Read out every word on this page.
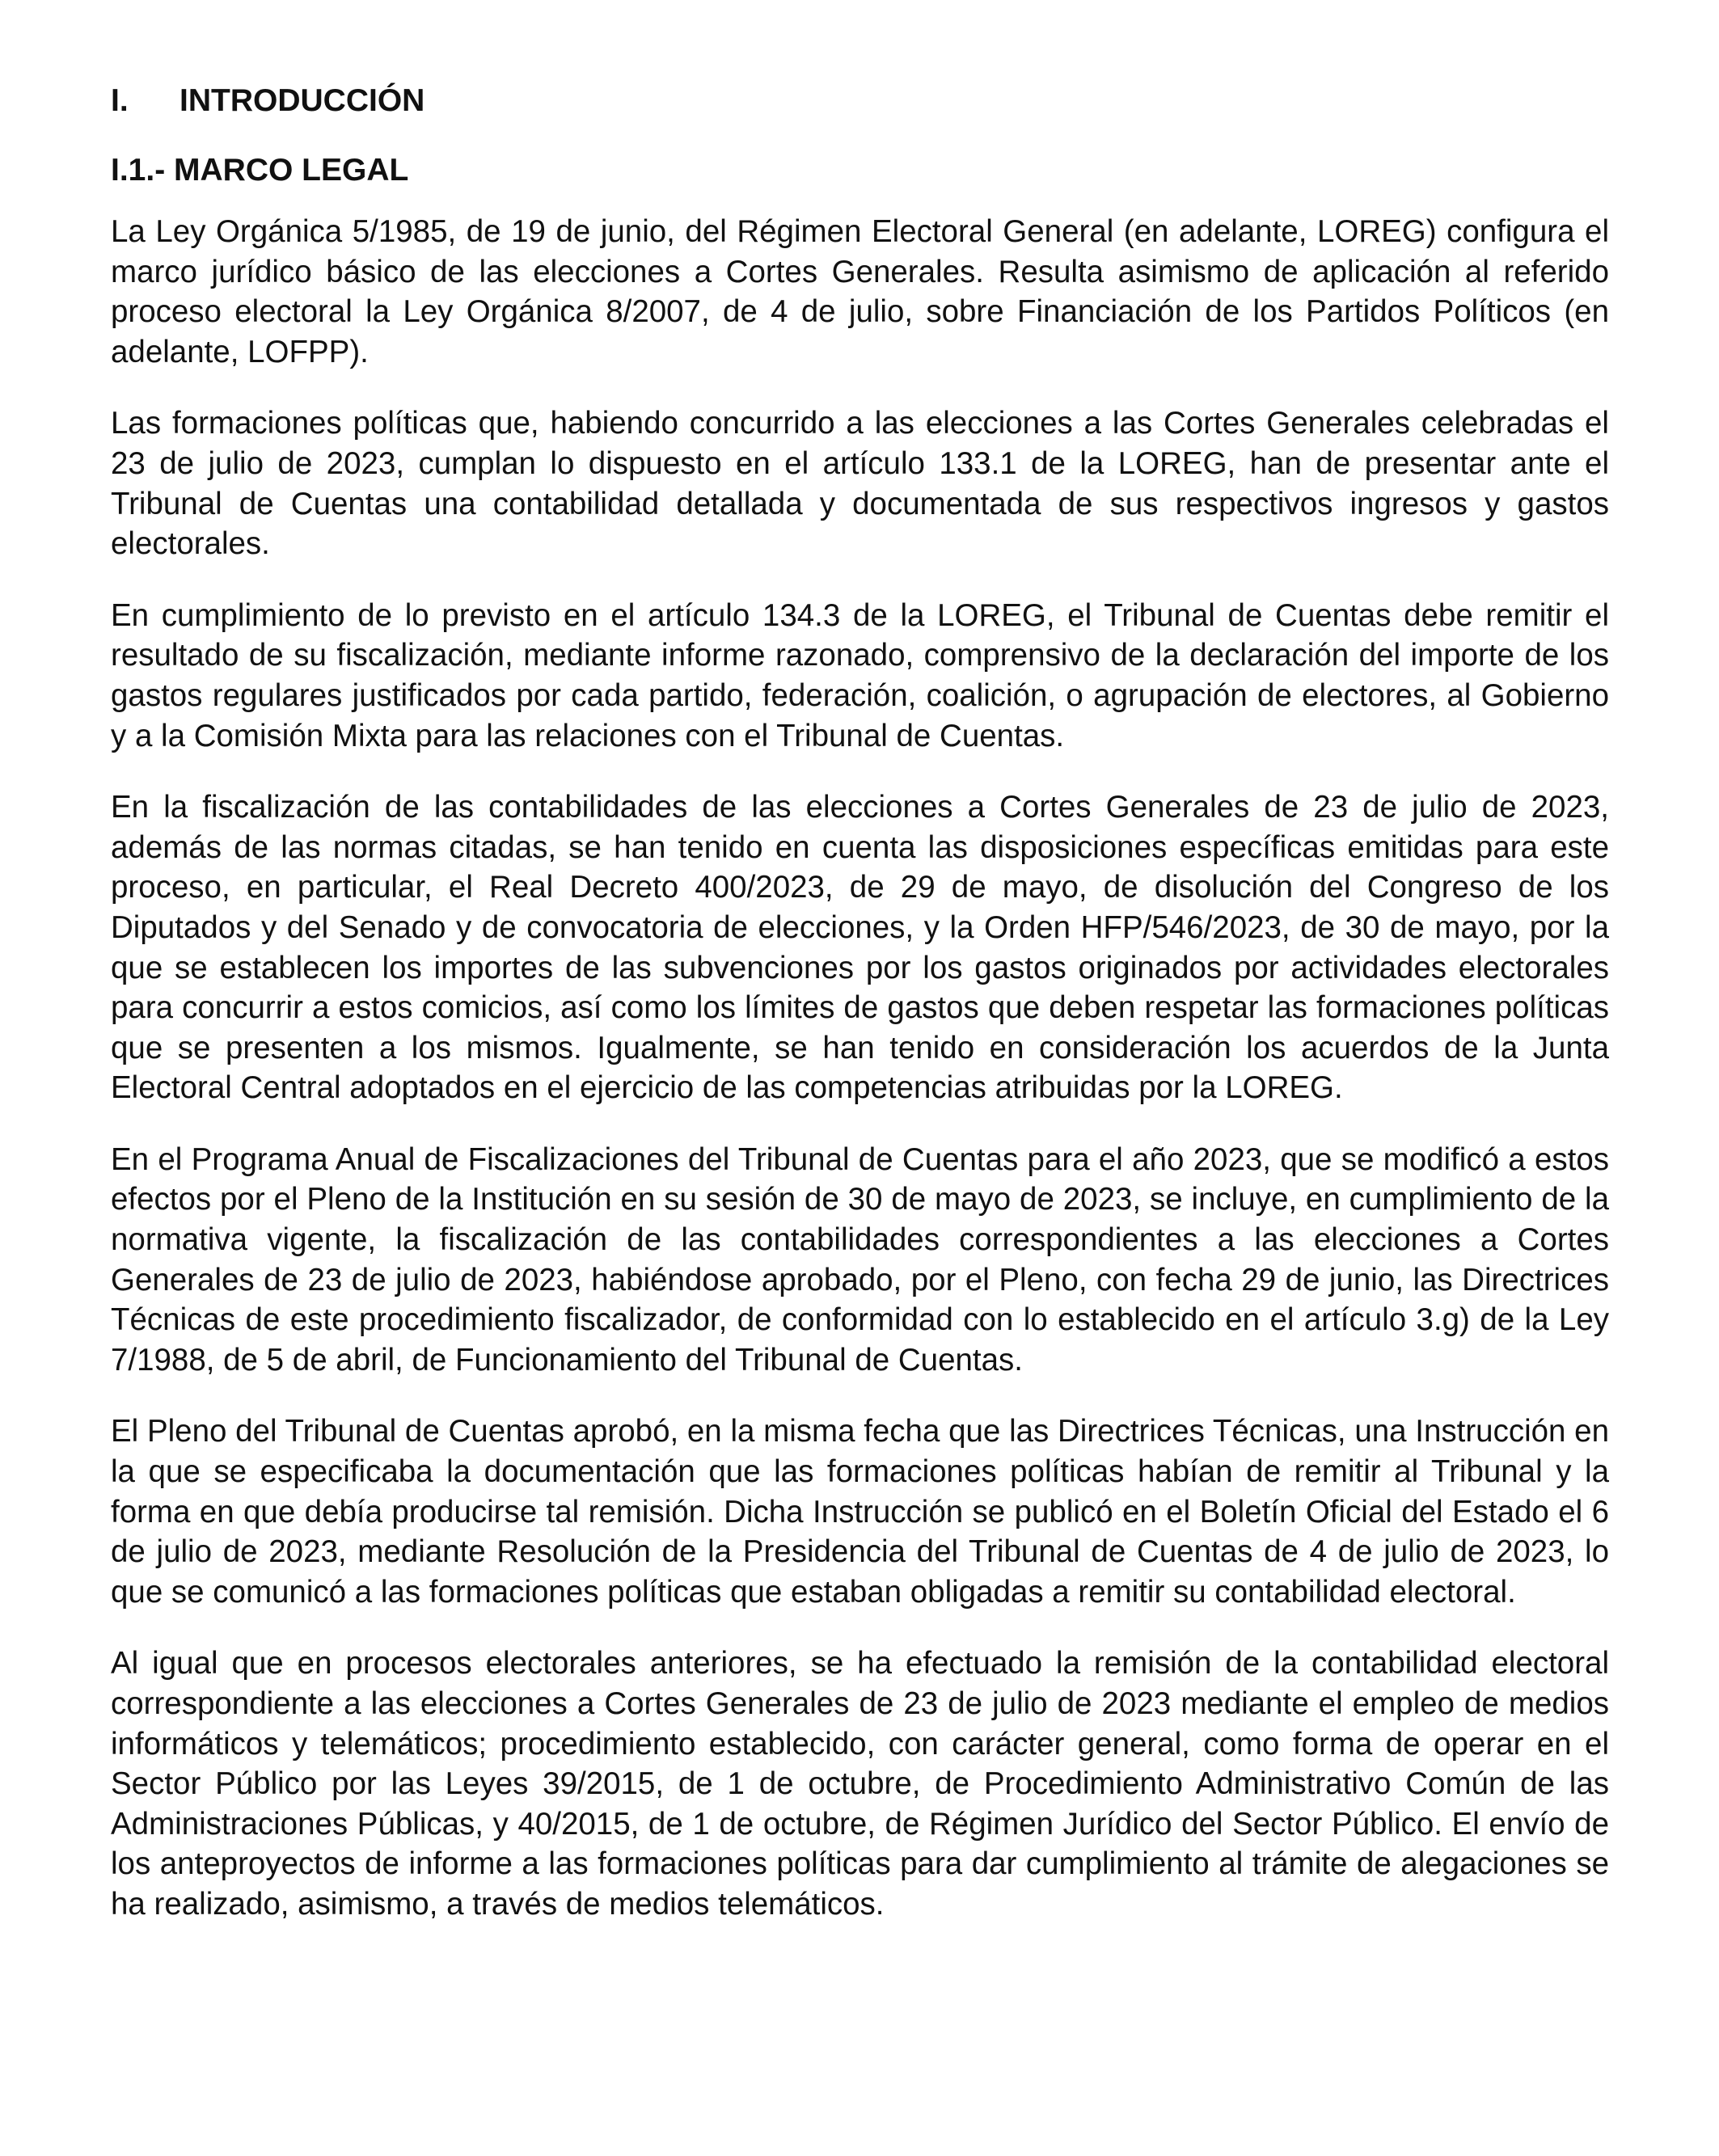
I.	INTRODUCCIÓN
I.1.- MARCO LEGAL

La Ley Orgánica 5/1985, de 19 de junio, del Régimen Electoral General (en adelante, LOREG) configura el marco jurídico básico de las elecciones a Cortes Generales. Resulta asimismo de aplicación al referido proceso electoral la Ley Orgánica 8/2007, de 4 de julio, sobre Financiación de los Partidos Políticos (en adelante, LOFPP).

Las formaciones políticas que, habiendo concurrido a las elecciones a las Cortes Generales celebradas el 23 de julio de 2023, cumplan lo dispuesto en el artículo 133.1 de la LOREG, han de presentar ante el Tribunal de Cuentas una contabilidad detallada y documentada de sus respectivos ingresos y gastos electorales.

En cumplimiento de lo previsto en el artículo 134.3 de la LOREG, el Tribunal de Cuentas debe remitir el resultado de su fiscalización, mediante informe razonado, comprensivo de la declaración del importe de los gastos regulares justificados por cada partido, federación, coalición, o agrupación de electores, al Gobierno y a la Comisión Mixta para las relaciones con el Tribunal de Cuentas.

En la fiscalización de las contabilidades de las elecciones a Cortes Generales de 23 de julio de 2023, además de las normas citadas, se han tenido en cuenta las disposiciones específicas emitidas para este proceso, en particular, el Real Decreto 400/2023, de 29 de mayo, de disolución del Congreso de los Diputados y del Senado y de convocatoria de elecciones, y la Orden HFP/546/2023, de 30 de mayo, por la que se establecen los importes de las subvenciones por los gastos originados por actividades electorales para concurrir a estos comicios, así como los límites de gastos que deben respetar las formaciones políticas que se presenten a los mismos. Igualmente, se han tenido en consideración los acuerdos de la Junta Electoral Central adoptados en el ejercicio de las competencias atribuidas por la LOREG.

En el Programa Anual de Fiscalizaciones del Tribunal de Cuentas para el año 2023, que se modificó a estos efectos por el Pleno de la Institución en su sesión de 30 de mayo de 2023, se incluye, en cumplimiento de la normativa vigente, la fiscalización de las contabilidades correspondientes a las elecciones a Cortes Generales de 23 de julio de 2023, habiéndose aprobado, por el Pleno, con fecha 29 de junio, las Directrices Técnicas de este procedimiento fiscalizador, de conformidad con lo establecido en el artículo 3.g) de la Ley 7/1988, de 5 de abril, de Funcionamiento del Tribunal de Cuentas.

El Pleno del Tribunal de Cuentas aprobó, en la misma fecha que las Directrices Técnicas, una Instrucción en la que se especificaba la documentación que las formaciones políticas habían de remitir al Tribunal y la forma en que debía producirse tal remisión. Dicha Instrucción se publicó en el Boletín Oficial del Estado el 6 de julio de 2023, mediante Resolución de la Presidencia del Tribunal de Cuentas de 4 de julio de 2023, lo que se comunicó a las formaciones políticas que estaban obligadas a remitir su contabilidad electoral.

Al igual que en procesos electorales anteriores, se ha efectuado la remisión de la contabilidad electoral correspondiente a las elecciones a Cortes Generales de 23 de julio de 2023 mediante el empleo de medios informáticos y telemáticos; procedimiento establecido, con carácter general, como forma de operar en el Sector Público por las Leyes 39/2015, de 1 de octubre, de Procedimiento Administrativo Común de las Administraciones Públicas, y 40/2015, de 1 de octubre, de Régimen Jurídico del Sector Público. El envío de los anteproyectos de informe a las formaciones políticas para dar cumplimiento al trámite de alegaciones se ha realizado, asimismo, a través de medios telemáticos.
